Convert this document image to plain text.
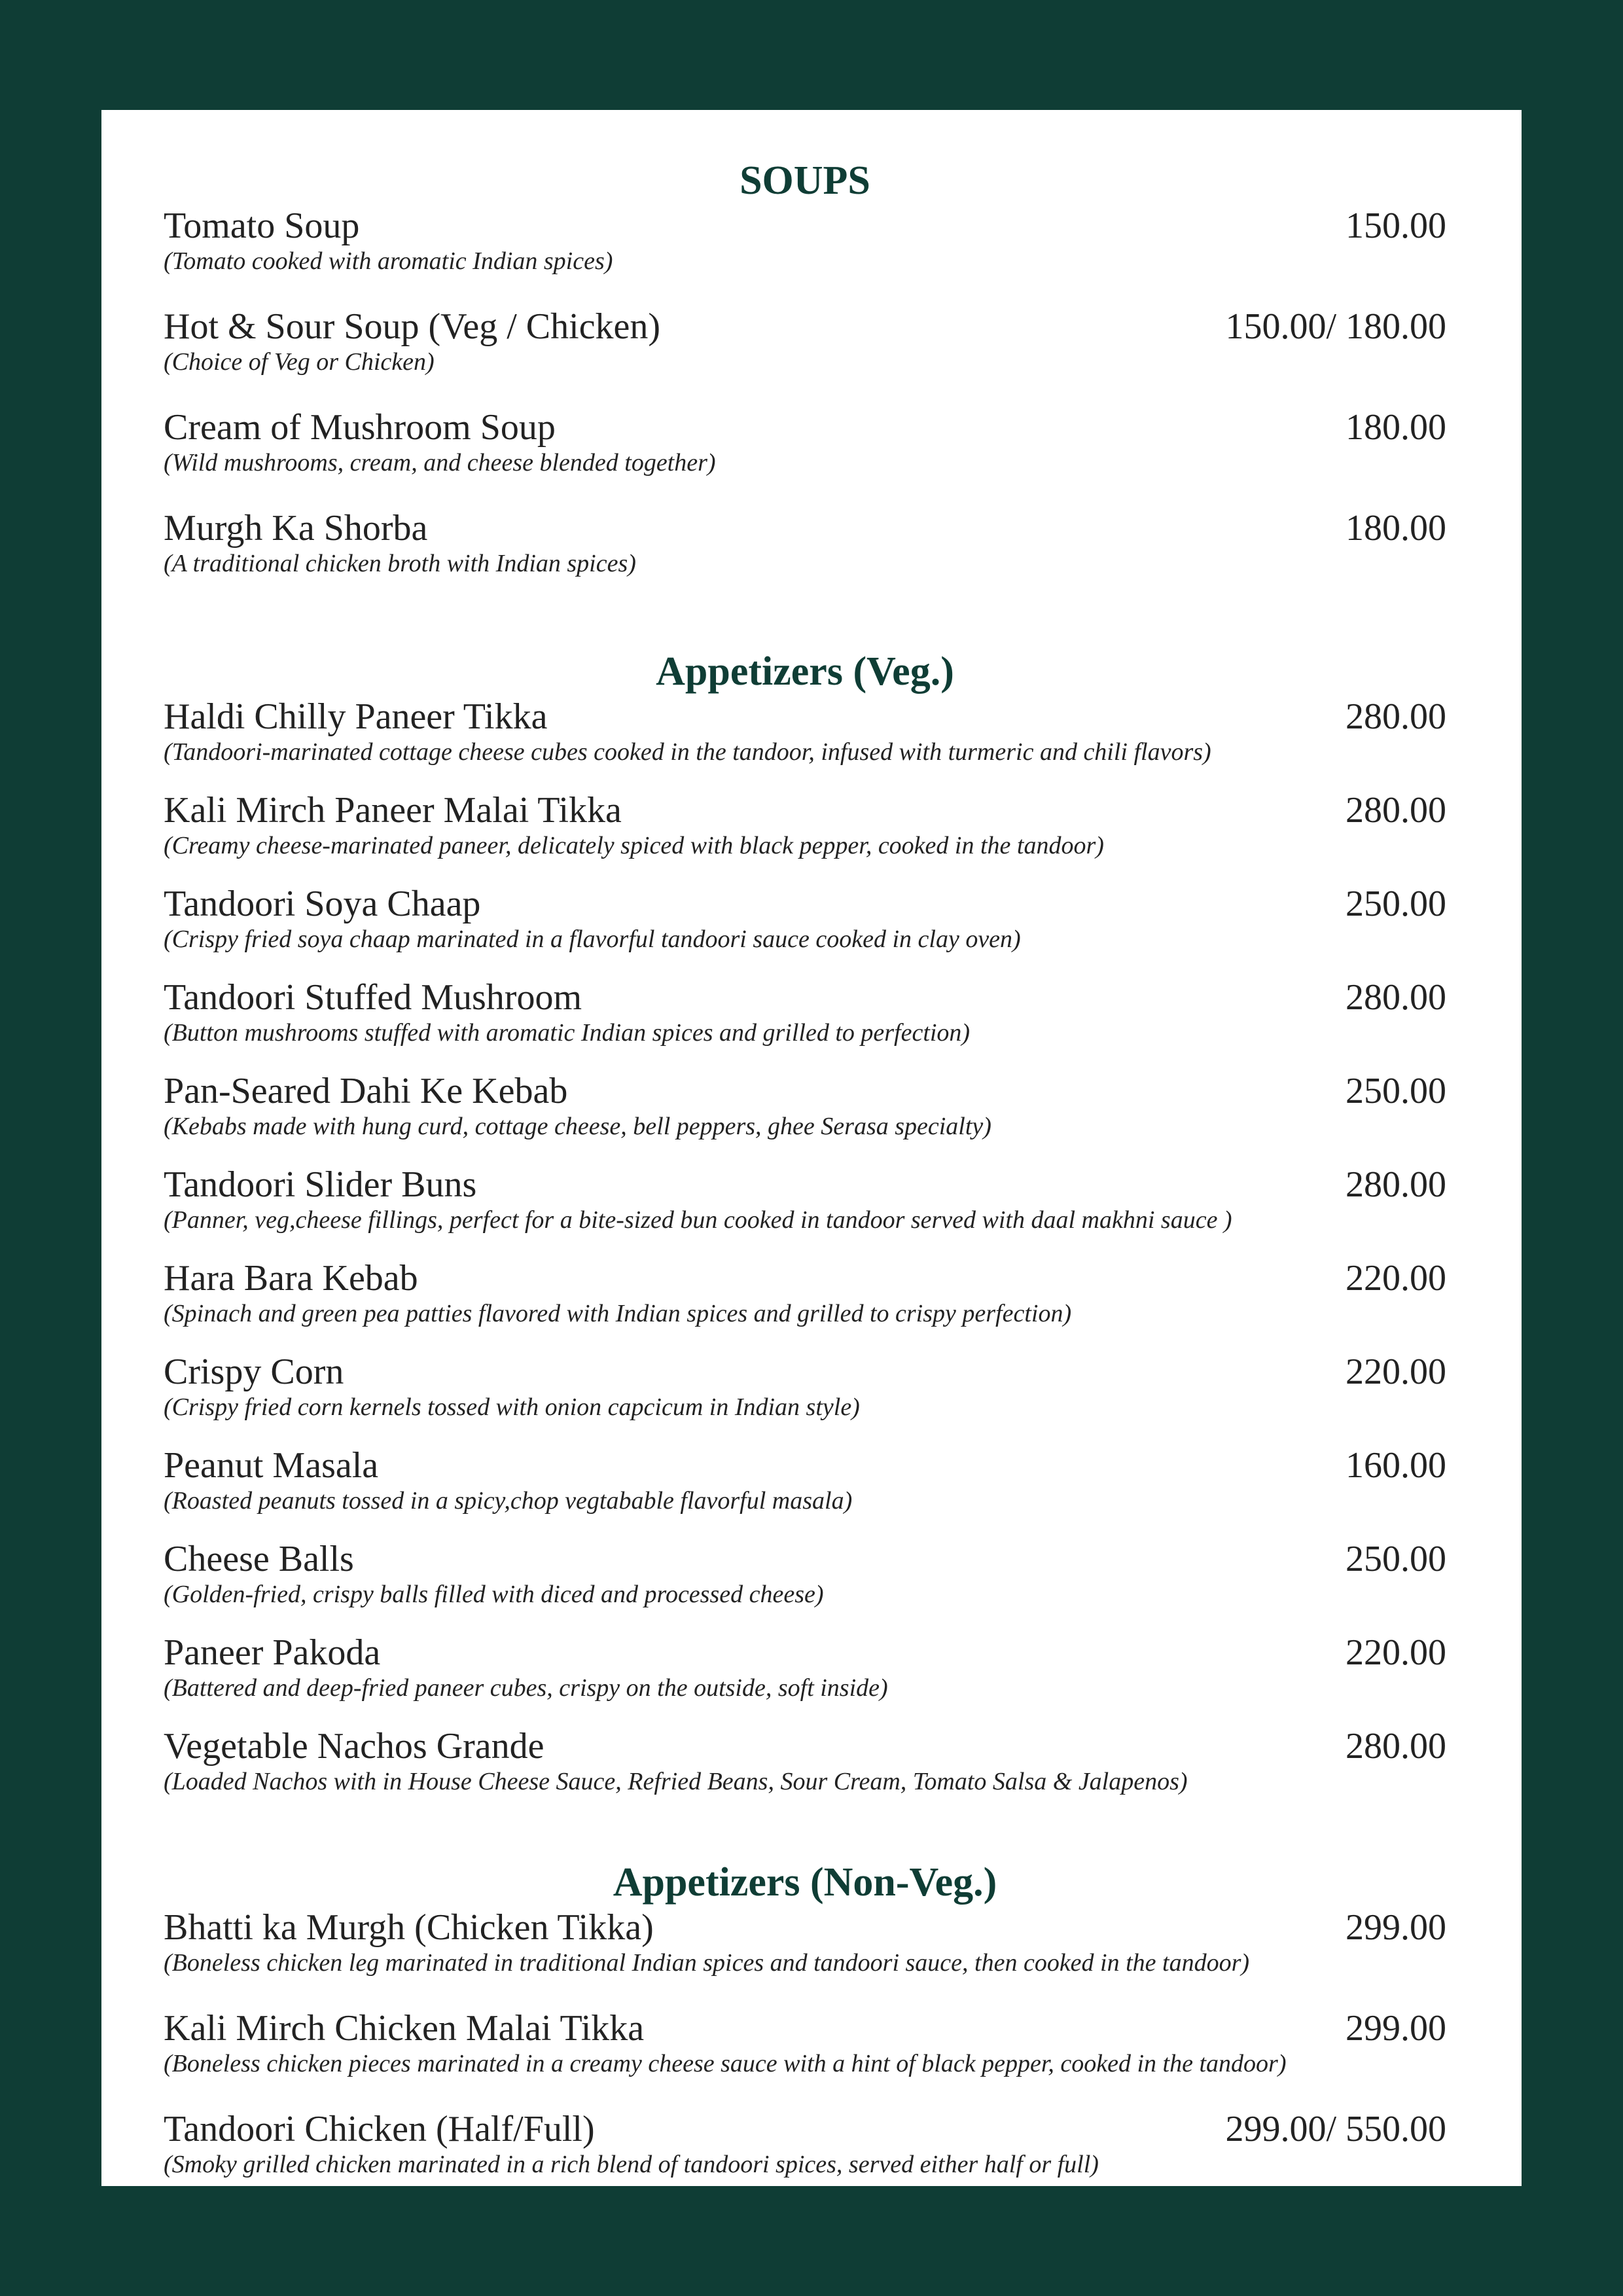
SOUPS
Tomato Soup	150.00
(Tomato cooked with aromatic Indian spices)
Hot & Sour Soup (Veg / Chicken)	150.00/ 180.00
(Choice of Veg or Chicken)
Cream of Mushroom Soup	180.00
(Wild mushrooms, cream, and cheese blended together)
Murgh Ka Shorba	180.00
(A traditional chicken broth with Indian spices)
Appetizers (Veg.)
Haldi Chilly Paneer Tikka	280.00
(Tandoori-marinated cottage cheese cubes cooked in the tandoor, infused with turmeric and chili flavors)
Kali Mirch Paneer Malai Tikka	280.00
(Creamy cheese-marinated paneer, delicately spiced with black pepper, cooked in the tandoor)
Tandoori Soya Chaap	250.00
(Crispy fried soya chaap marinated in a flavorful tandoori sauce cooked in clay oven)
Tandoori Stuffed Mushroom	280.00
(Button mushrooms stuffed with aromatic Indian spices and grilled to perfection)
Pan-Seared Dahi Ke Kebab	250.00
(Kebabs made with hung curd, cottage cheese, bell peppers, ghee Serasa specialty)
Tandoori Slider Buns	280.00
(Panner, veg,cheese fillings, perfect for a bite-sized bun cooked in tandoor served with daal makhni sauce )
Hara Bara Kebab	220.00
(Spinach and green pea patties flavored with Indian spices and grilled to crispy perfection)
Crispy Corn	220.00
(Crispy fried corn kernels tossed with onion capcicum in Indian style)
Peanut Masala	160.00
(Roasted peanuts tossed in a spicy,chop vegtabable flavorful masala)
Cheese Balls	250.00
(Golden-fried, crispy balls filled with diced and processed cheese)
Paneer Pakoda	220.00
(Battered and deep-fried paneer cubes, crispy on the outside, soft inside)
Vegetable Nachos Grande	280.00
(Loaded Nachos with in House Cheese Sauce, Refried Beans, Sour Cream, Tomato Salsa & Jalapenos)
Appetizers (Non-Veg.)
Bhatti ka Murgh (Chicken Tikka)	299.00
(Boneless chicken leg marinated in traditional Indian spices and tandoori sauce, then cooked in the tandoor)
Kali Mirch Chicken Malai Tikka	299.00
(Boneless chicken pieces marinated in a creamy cheese sauce with a hint of black pepper, cooked in the tandoor)
Tandoori Chicken (Half/Full)	299.00/ 550.00
(Smoky grilled chicken marinated in a rich blend of tandoori spices, served either half or full)
